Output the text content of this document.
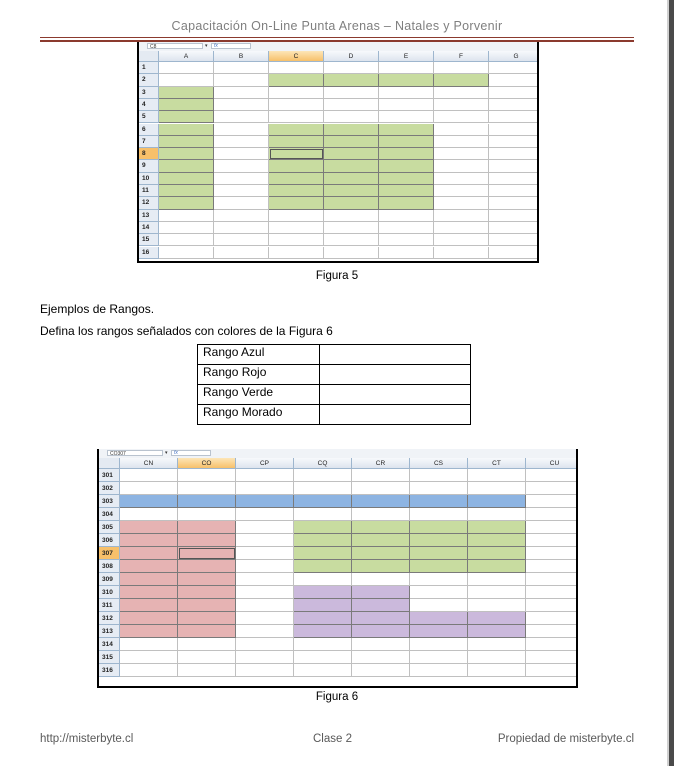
Capacitación On-Line Punta Arenas – Natales y Porvenir
C8	▾	fx
A	B	C	D	E	F	G
1
2
3
4
5
6
7
8
9
10
11
12
13
14
15
16
Figura 5
Ejemplos de Rangos.
Defina los rangos señalados con colores de la Figura 6
Rango Azul	
Rango Rojo	
Rango Verde	
Rango Morado	
CO307	▾	fx
CN	CO	CP	CQ	CR	CS	CT	CU
301
302
303
304
305
306
307
308
309
310
311
312
313
314
315
316
Figura 6
http://misterbyte.cl	Clase 2	Propiedad de misterbyte.cl
